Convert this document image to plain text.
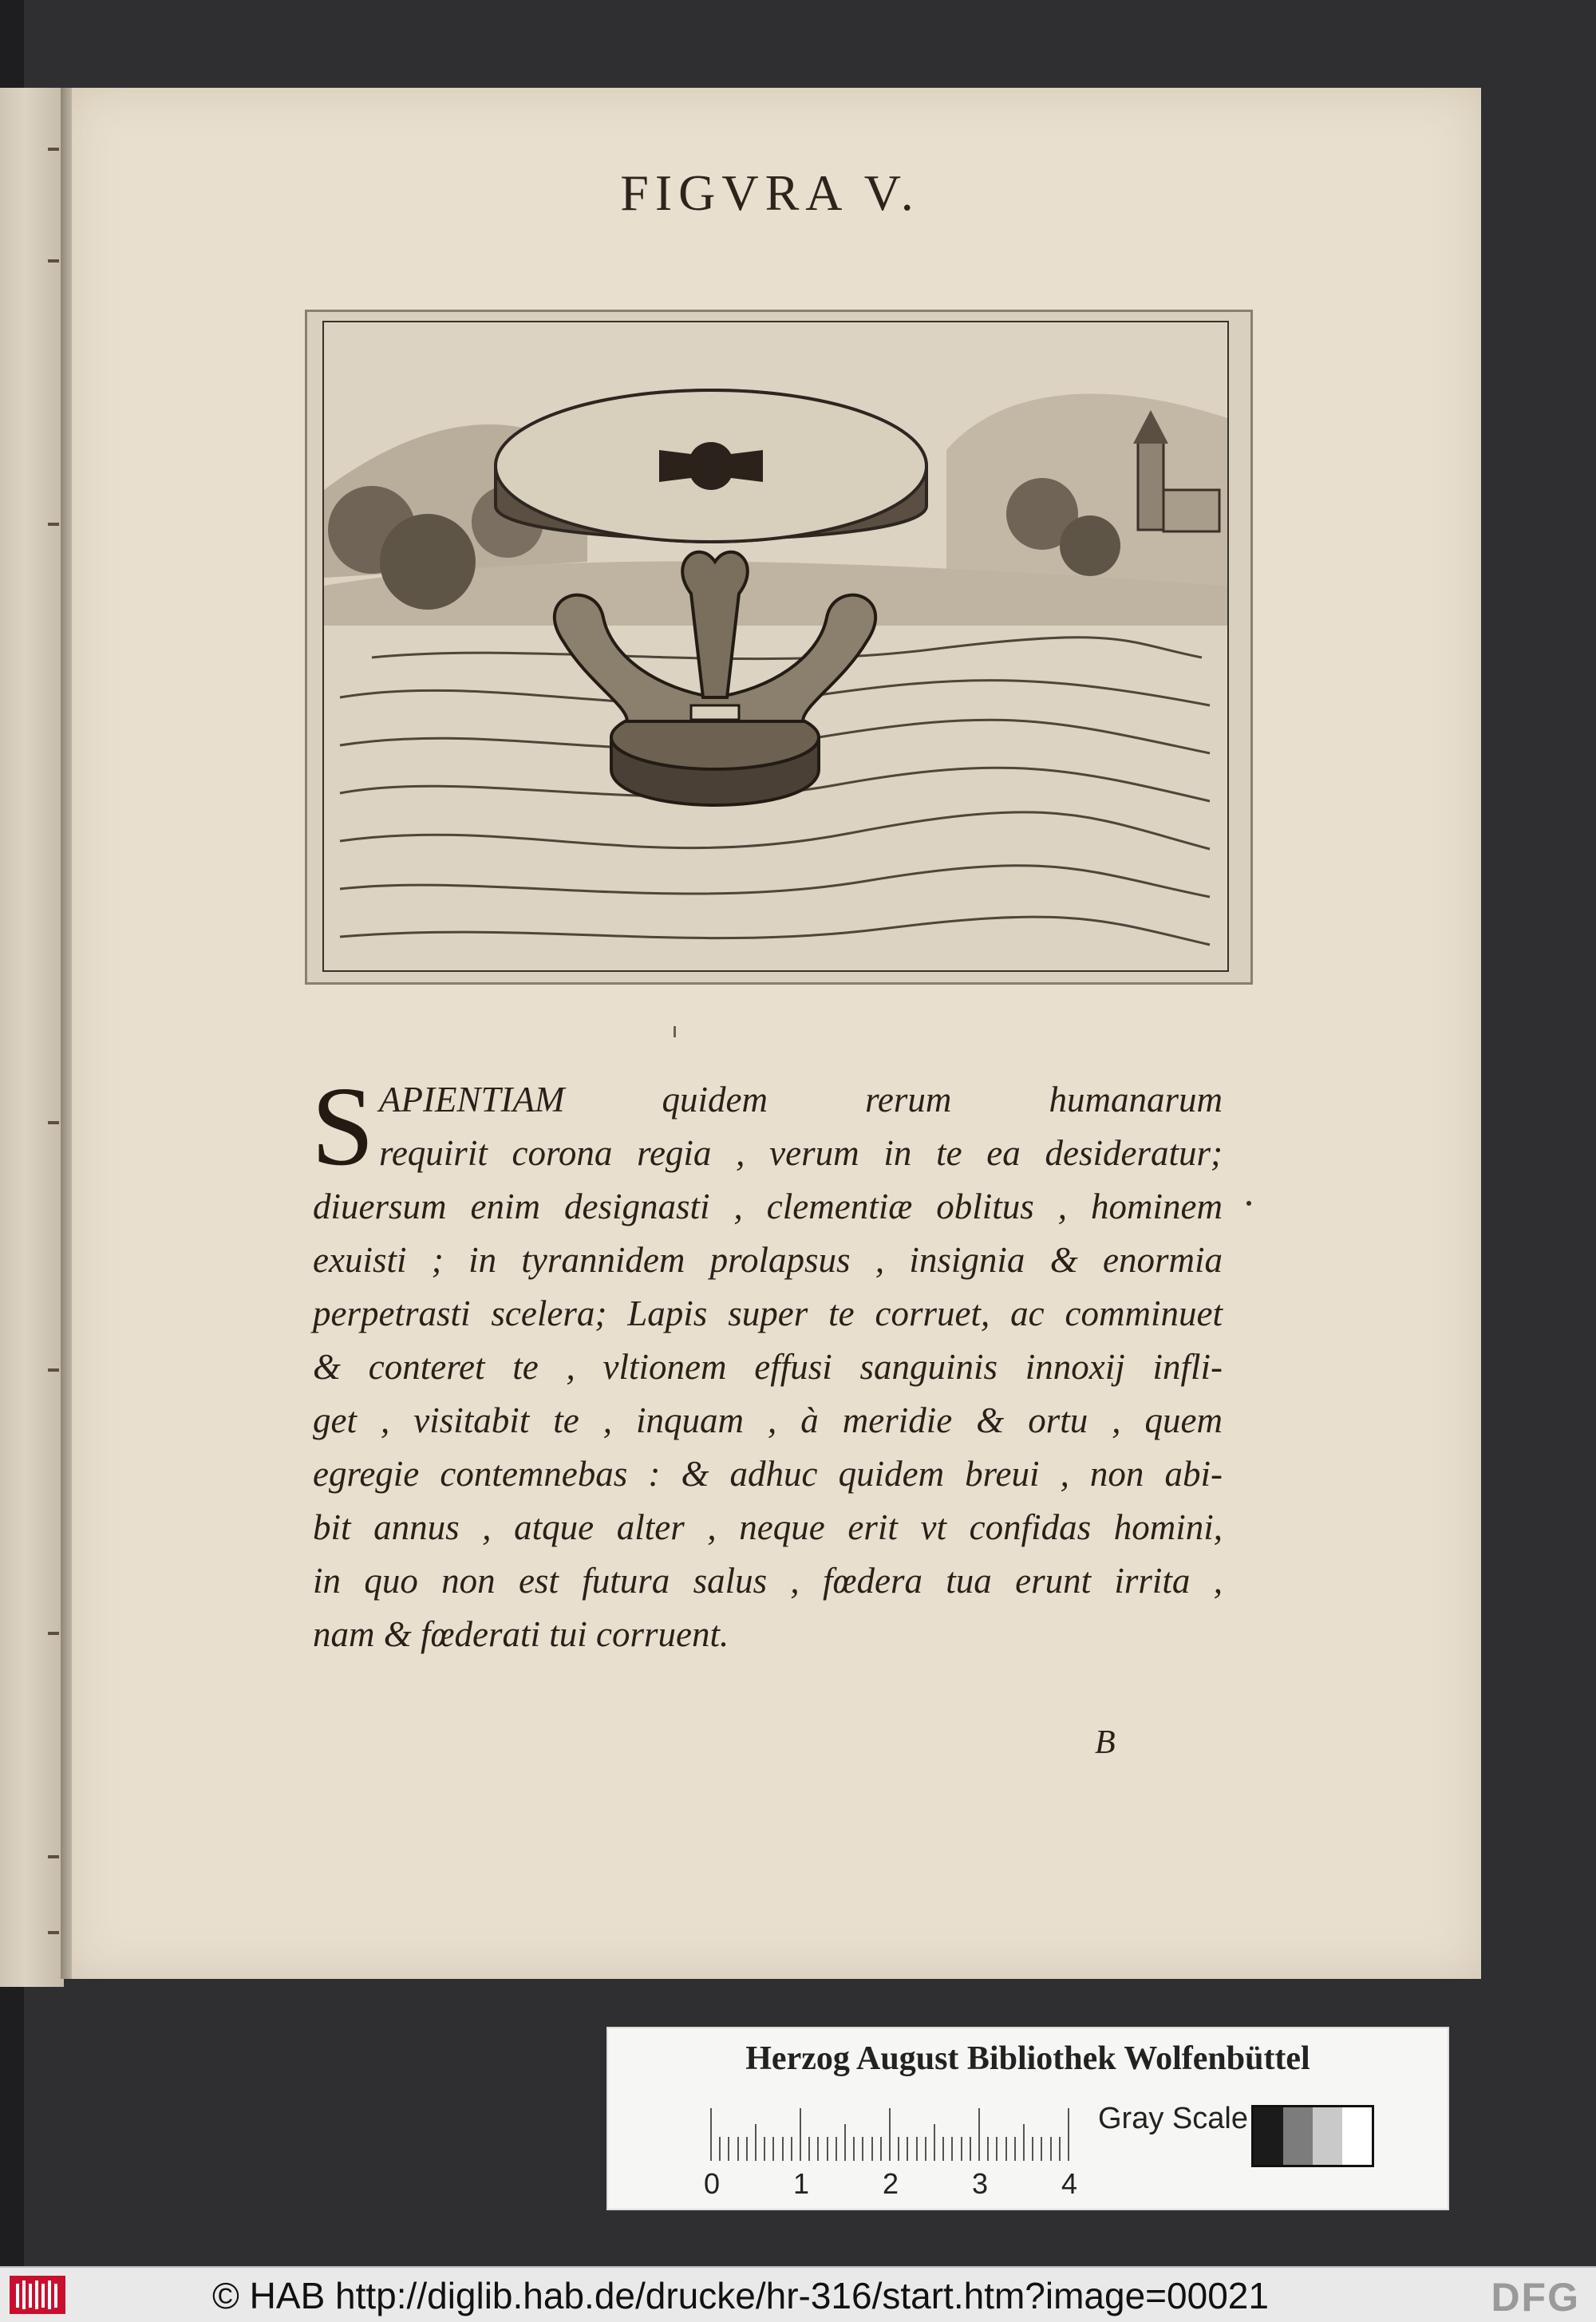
FIGVRA V.
S APIENTIAM quidem rerum humanarum
requirit corona regia , verum in te ea desideratur;
diuersum enim designasti , clementiæ oblitus , hominem
exuisti ; in tyrannidem prolapsus , insignia & enormia
perpetrasti scelera; Lapis super te corruet, ac comminuet
& conteret te , vltionem effusi sanguinis innoxij infli-
get , visitabit te , inquam , à meridie & ortu , quem
egregie contemnebas : & adhuc quidem breui , non abi-
bit annus , atque alter , neque erit vt confidas homini,
in quo non est futura salus , fœdera tua erunt irrita ,
nam & fœderati tui corruent.
B
Herzog August Bibliothek Wolfenbüttel
0	1	2	3	4
Gray Scale
© HAB http://diglib.hab.de/drucke/hr-316/start.htm?image=00021	DFG
